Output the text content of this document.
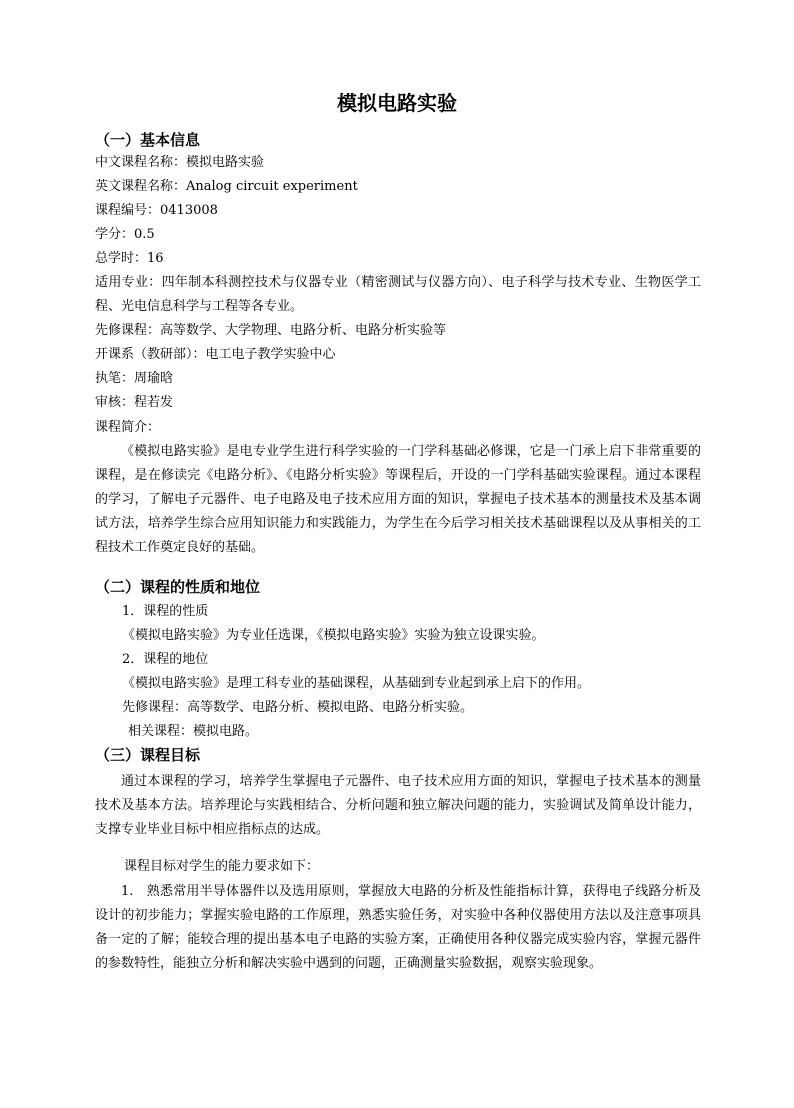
模拟电路实验
（一）基本信息
中文课程名称：模拟电路实验
英文课程名称：Analog circuit experiment
课程编号：0413008
学分：0.5
总学时：16
适用专业：四年制本科测控技术与仪器专业（精密测试与仪器方向）、电子科学与技术专业、生物医学工程、光电信息科学与工程等各专业。
先修课程：高等数学、大学物理、电路分析、电路分析实验等
开课系（教研部）：电工电子教学实验中心
执笔：周瑜晗
审核：程若发
课程简介：
《模拟电路实验》是电专业学生进行科学实验的一门学科基础必修课，它是一门承上启下非常重要的课程，是在修读完《电路分析》、《电路分析实验》等课程后，开设的一门学科基础实验课程。通过本课程的学习，了解电子元器件、电子电路及电子技术应用方面的知识，掌握电子技术基本的测量技术及基本调试方法，培养学生综合应用知识能力和实践能力，为学生在今后学习相关技术基础课程以及从事相关的工程技术工作奠定良好的基础。
（二）课程的性质和地位
1．课程的性质
《模拟电路实验》为专业任选课，《模拟电路实验》实验为独立设课实验。
2．课程的地位
《模拟电路实验》是理工科专业的基础课程，从基础到专业起到承上启下的作用。
先修课程：高等数学、电路分析、模拟电路、电路分析实验。
相关课程：模拟电路。
（三）课程目标
通过本课程的学习，培养学生掌握电子元器件、电子技术应用方面的知识，掌握电子技术基本的测量技术及基本方法。培养理论与实践相结合、分析问题和独立解决问题的能力，实验调试及简单设计能力，支撑专业毕业目标中相应指标点的达成。
课程目标对学生的能力要求如下：
1.　熟悉常用半导体器件以及选用原则，掌握放大电路的分析及性能指标计算，获得电子线路分析及设计的初步能力；掌握实验电路的工作原理，熟悉实验任务，对实验中各种仪器使用方法以及注意事项具备一定的了解；能较合理的提出基本电子电路的实验方案，正确使用各种仪器完成实验内容，掌握元器件的参数特性，能独立分析和解决实验中遇到的问题，正确测量实验数据，观察实验现象。
